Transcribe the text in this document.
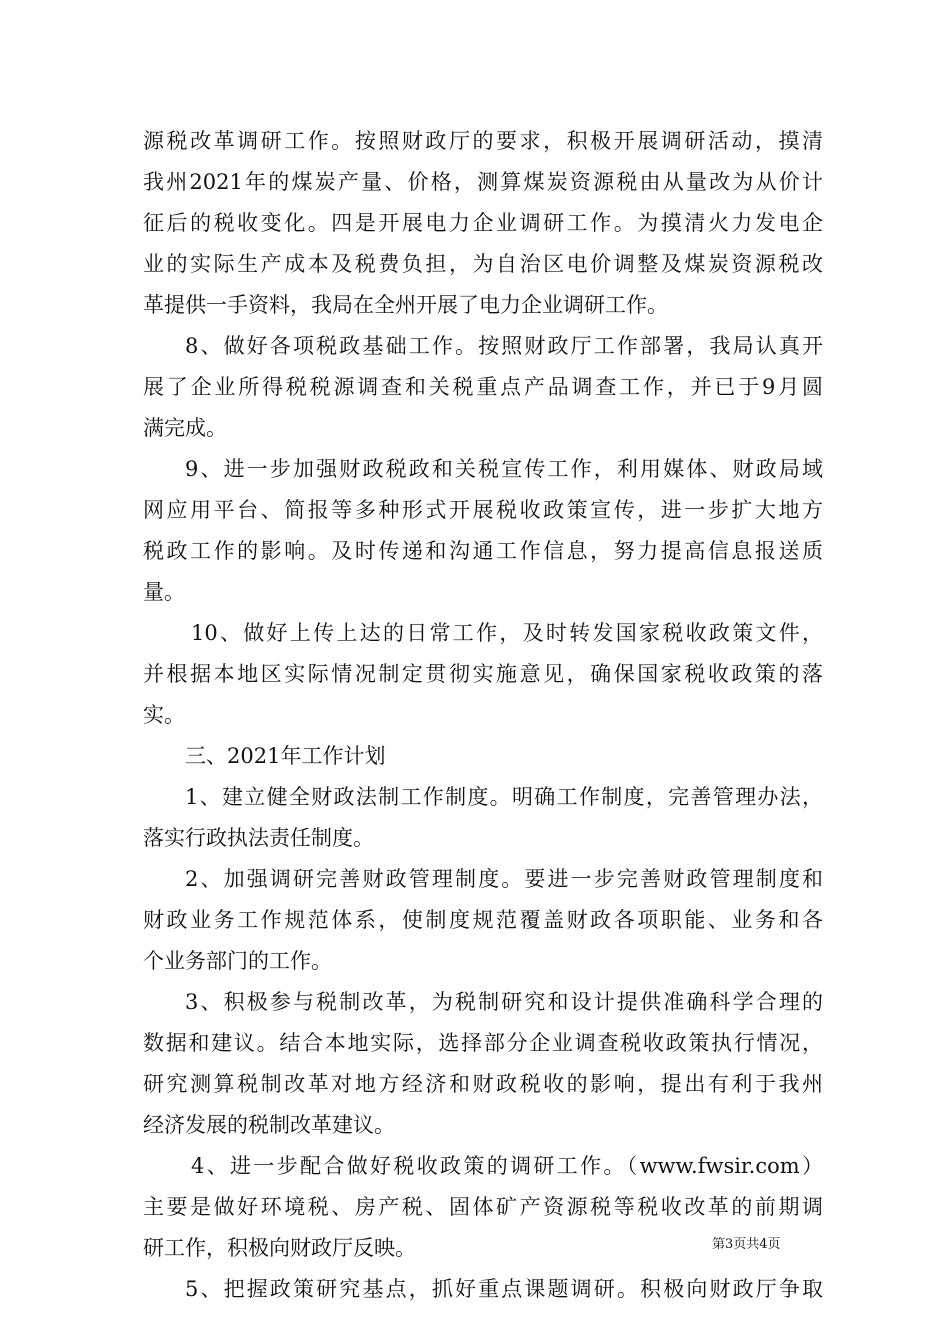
源税改革调研工作。按照财政厅的要求，积极开展调研活动，摸清
我州2021年的煤炭产量、价格，测算煤炭资源税由从量改为从价计
征后的税收变化。四是开展电力企业调研工作。为摸清火力发电企
业的实际生产成本及税费负担，为自治区电价调整及煤炭资源税改
革提供一手资料，我局在全州开展了电力企业调研工作。
8、做好各项税政基础工作。按照财政厅工作部署，我局认真开
展了企业所得税税源调查和关税重点产品调查工作，并已于9月圆
满完成。
9、进一步加强财政税政和关税宣传工作，利用媒体、财政局域
网应用平台、简报等多种形式开展税收政策宣传，进一步扩大地方
税政工作的影响。及时传递和沟通工作信息，努力提高信息报送质
量。
10、做好上传上达的日常工作，及时转发国家税收政策文件，
并根据本地区实际情况制定贯彻实施意见，确保国家税收政策的落
实。
三、2021年工作计划
1、建立健全财政法制工作制度。明确工作制度，完善管理办法，
落实行政执法责任制度。
2、加强调研完善财政管理制度。要进一步完善财政管理制度和
财政业务工作规范体系，使制度规范覆盖财政各项职能、业务和各
个业务部门的工作。
3、积极参与税制改革，为税制研究和设计提供准确科学合理的
数据和建议。结合本地实际，选择部分企业调查税收政策执行情况，
研究测算税制改革对地方经济和财政税收的影响，提出有利于我州
经济发展的税制改革建议。
4、进一步配合做好税收政策的调研工作。（www.fwsir.com）
主要是做好环境税、房产税、固体矿产资源税等税收改革的前期调
研工作，积极向财政厅反映。
5、把握政策研究基点，抓好重点课题调研。积极向财政厅争取
第3页共4页
